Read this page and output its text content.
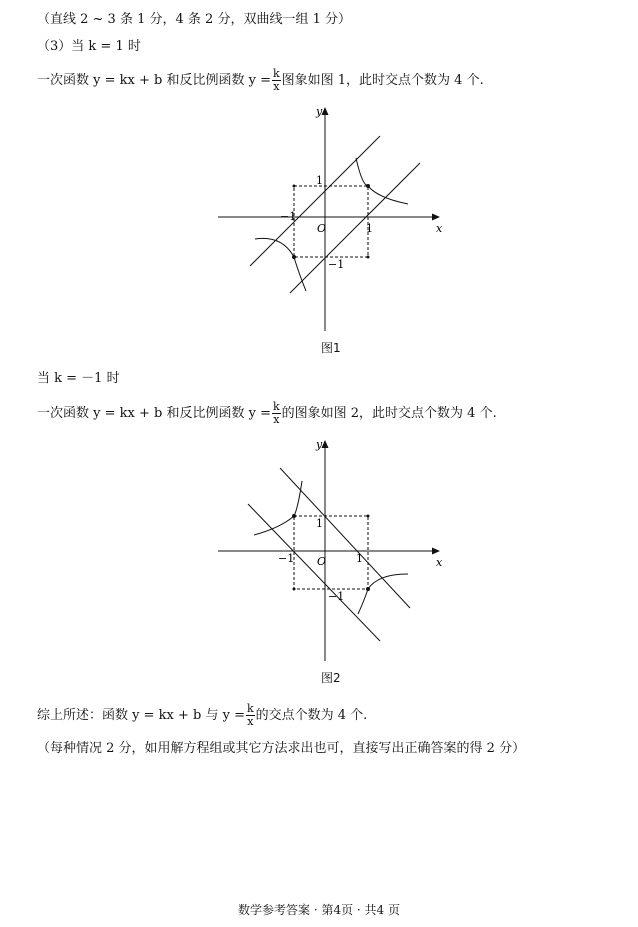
（直线 2 ~ 3 条 1 分，4 条 2 分，双曲线一组 1 分）
（3）当 k = 1 时
一次函数 y = kx + b 和反比例函数 $y = \frac{k}{x}$ 图象如图 1，此时交点个数为 4 个.
y
x
O
1
−1
1
−1
图1
当 k = －1 时
一次函数 y = kx + b 和反比例函数 $y = \frac{k}{x}$ 的图象如图 2，此时交点个数为 4 个.
y
x
O
1
−1	1
−1
图2
综上所述：函数 y = kx + b 与 $y = \frac{k}{x}$ 的交点个数为 4 个.
（每种情况 2 分，如用解方程组或其它方法求出也可，直接写出正确答案的得 2 分）
数学参考答案 · 第4页 · 共4 页
